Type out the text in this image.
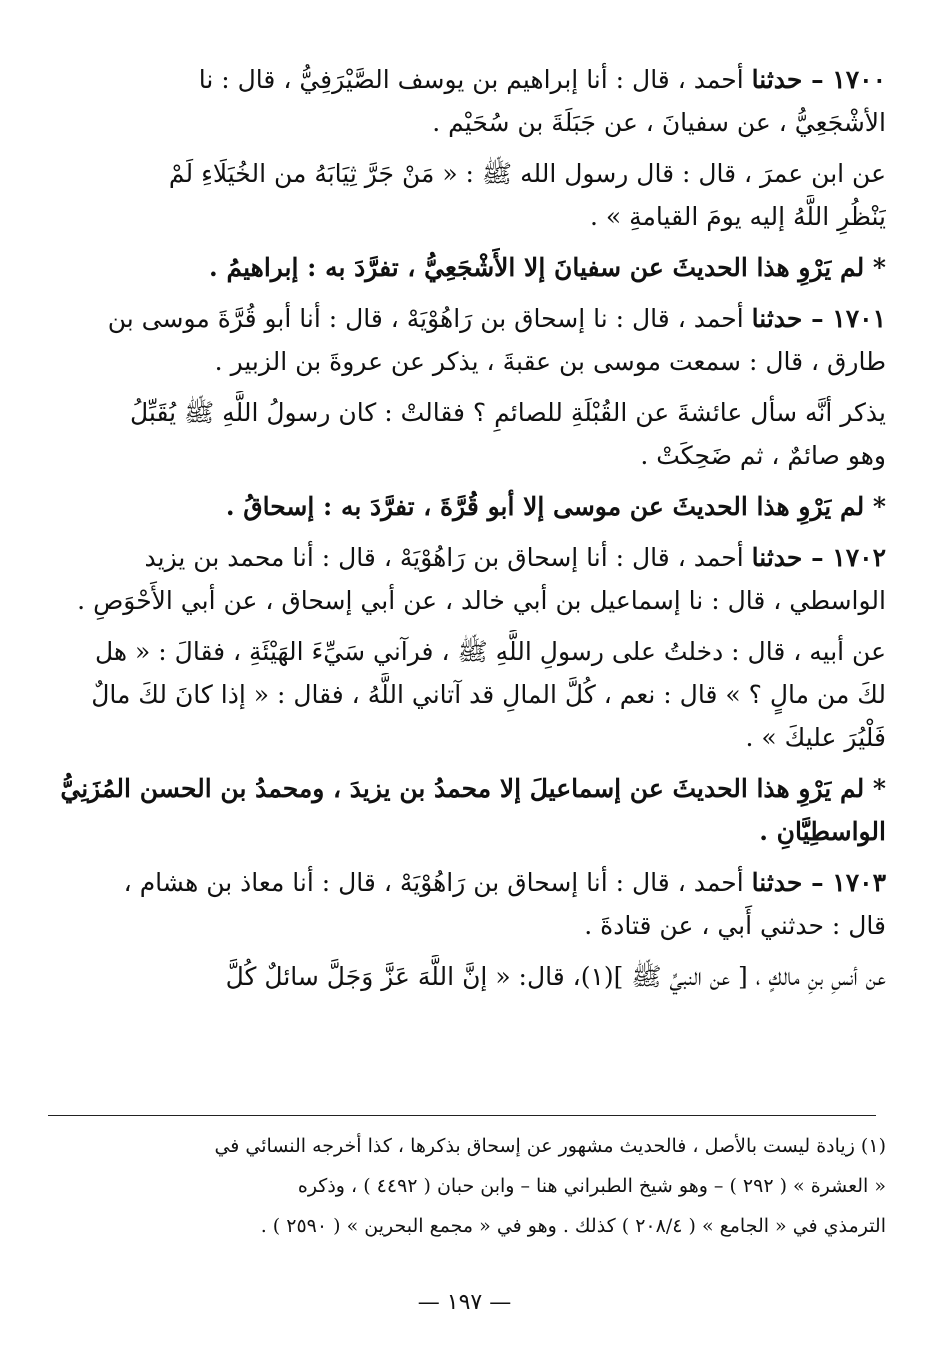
١٧٠٠ – حدثنا أحمد ، قال : أنا إبراهيم بن يوسف الصَّيْرَفِيُّ ، قال : نا

الأشْجَعِيُّ ، عن سفيانَ ، عن جَبَلَةَ بن سُحَيْم .

عن ابن عمرَ ، قال : قال رسول الله ﷺ : « مَنْ جَرَّ ثِيَابَهُ من الخُيَلَاءِ لَمْ

يَنْظُرِ اللَّهُ إليه يومَ القيامةِ » .

* لم يَرْوِ هذا الحديثَ عن سفيانَ إلا الأَشْجَعِيُّ ، تفرَّدَ به : إبراهيمُ .

١٧٠١ – حدثنا أحمد ، قال : نا إسحاق بن رَاهُوْيَهْ ، قال : أنا أبو قُرَّةَ موسى بن

طارق ، قال : سمعت موسى بن عقبةَ ، يذكر عن عروةَ بن الزبير .

يذكر أنَّه سأل عائشةَ عن القُبْلَةِ للصائمِ ؟ فقالتْ : كان رسولُ اللَّهِ ﷺ يُقَبِّلُ

وهو صائمٌ ، ثم ضَحِكَتْ .

* لم يَرْوِ هذا الحديثَ عن موسى إلا أبو قُرَّةَ ، تفرَّدَ به : إسحاقُ .

١٧٠٢ – حدثنا أحمد ، قال : أنا إسحاق بن رَاهُوْيَهْ ، قال : أنا محمد بن يزيد

الواسطي ، قال : نا إسماعيل بن أبي خالد ، عن أبي إسحاق ، عن أبي الأَحْوَصِ .

عن أبيه ، قال : دخلتُ على رسولِ اللَّهِ ﷺ ، فرآني سَيِّءَ الهَيْئَةِ ، فقالَ : « هل

لكَ من مالٍ ؟ » قال : نعم ، كُلَّ المالِ قد آتاني اللَّهُ ، فقال : « إذا كانَ لكَ مالٌ

فَلْيُرَ عليكَ » .

* لم يَرْوِ هذا الحديثَ عن إسماعيلَ إلا محمدُ بن يزيدَ ، ومحمدُ بن الحسن المُزَنِيُّ

الواسطِيَّانِ .

١٧٠٣ – حدثنا أحمد ، قال : أنا إسحاق بن رَاهُوْيَهْ ، قال : أنا معاذ بن هشام ،

قال : حدثني أَبي ، عن قتادةَ .

عن أنسِ بنِ مالكٍ ، [ عن النبيِّ ﷺ ](١)، قال: « إنَّ اللَّهَ عَزَّ وَجَلَّ سائلٌ كُلَّ

(١) زيادة ليست بالأصل ، فالحديث مشهور عن إسحاق بذكرها ، كذا أخرجه النسائي في

« العشرة » ( ٢٩٢ ) – وهو شيخ الطبراني هنا – وابن حبان ( ٤٤٩٢ ) ، وذكره

الترمذي في « الجامع » ( ٢٠٨/٤ ) كذلك . وهو في « مجمع البحرين » ( ٢٥٩٠ ) .

— ١٩٧ —
